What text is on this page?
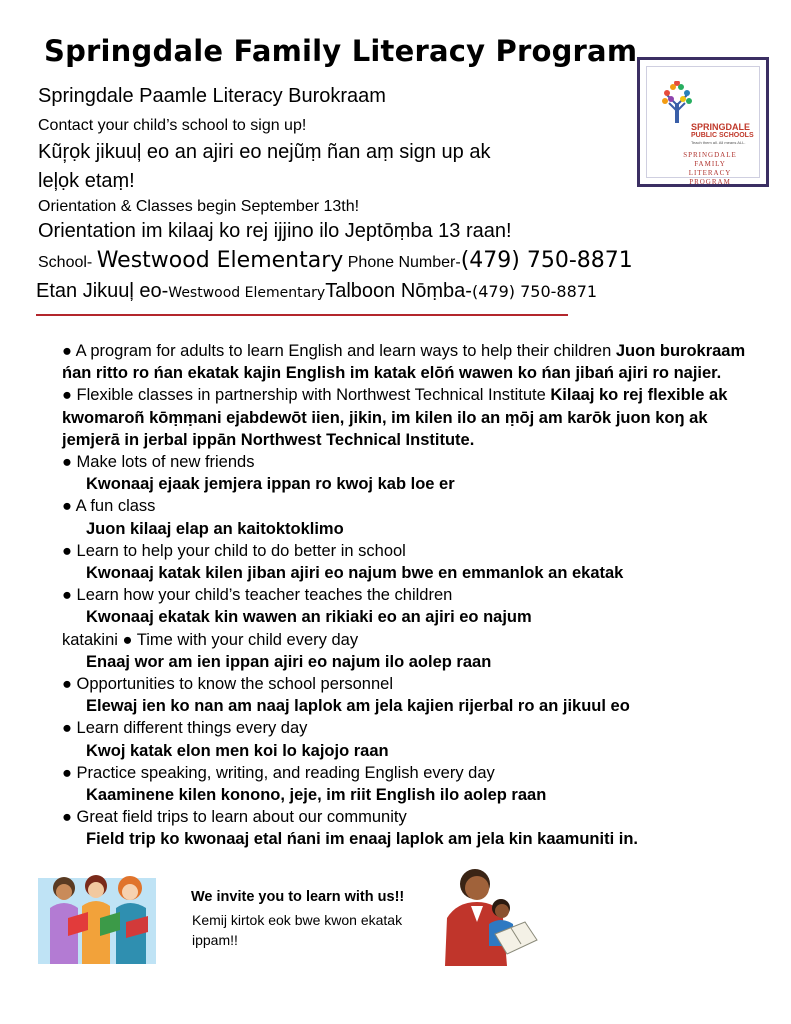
Springdale Family Literacy Program
Springdale Paamle Literacy Burokraam
Contact your child’s school to sign up!
Kũr̦ọk jikuuļ eo an ajiri eo nejũṃ ñan aṃ sign up ak
leļọk etaṃ!
Orientation & Classes begin September 13th!
Orientation im kilaaj ko rej ijjino ilo Jeptōṃba 13 raan!
School- Westwood Elementary Phone Number-(479) 750-8871
Etan Jikuuļ eo-Westwood ElementaryTalboon Nōṃba-(479) 750-8871
SPRINGDALE
PUBLIC SCHOOLS
Teach them all. All means ALL.
SPRINGDALE
FAMILY
LITERACY
PROGRAM
● A program for adults to learn English and learn ways to help their children Juon burokraam ńan ritto ro ńan ekatak kajin English im katak elōń wawen ko ńan jibań ajiri ro najier.
● Flexible classes in partnership with Northwest Technical Institute Kilaaj ko rej flexible ak kwomaroñ kōṃṃani ejabdewōt iien, jikin, im kilen ilo an ṃōj am karōk juon koŋ ak jemjerā in jerbal ippān Northwest Technical Institute.
● Make lots of new friends
Kwonaaj ejaak jemjera ippan ro kwoj kab loe er
● A fun class
Juon kilaaj elap an kaitoktoklimo
● Learn to help your child to do better in school
Kwonaaj katak kilen jiban ajiri eo najum bwe en emmanlok an ekatak
● Learn how your child’s teacher teaches the children
Kwonaaj ekatak kin wawen an rikiaki eo an ajiri eo najum
katakini ● Time with your child every day
Enaaj wor am ien ippan ajiri eo najum ilo aolep raan
● Opportunities to know the school personnel
Elewaj ien ko nan am naaj laplok am jela kajien rijerbal ro an jikuul eo
● Learn different things every day
Kwoj katak elon men koi lo kajojo raan
● Practice speaking, writing, and reading English every day
Kaaminene kilen konono, jeje, im riit English ilo aolep raan
● Great field trips to learn about our community
Field trip ko kwonaaj etal ńani im enaaj laplok am jela kin kaamuniti in.
We invite you to learn with us!!
Kemij kirtok eok bwe kwon ekatak ippam!!
